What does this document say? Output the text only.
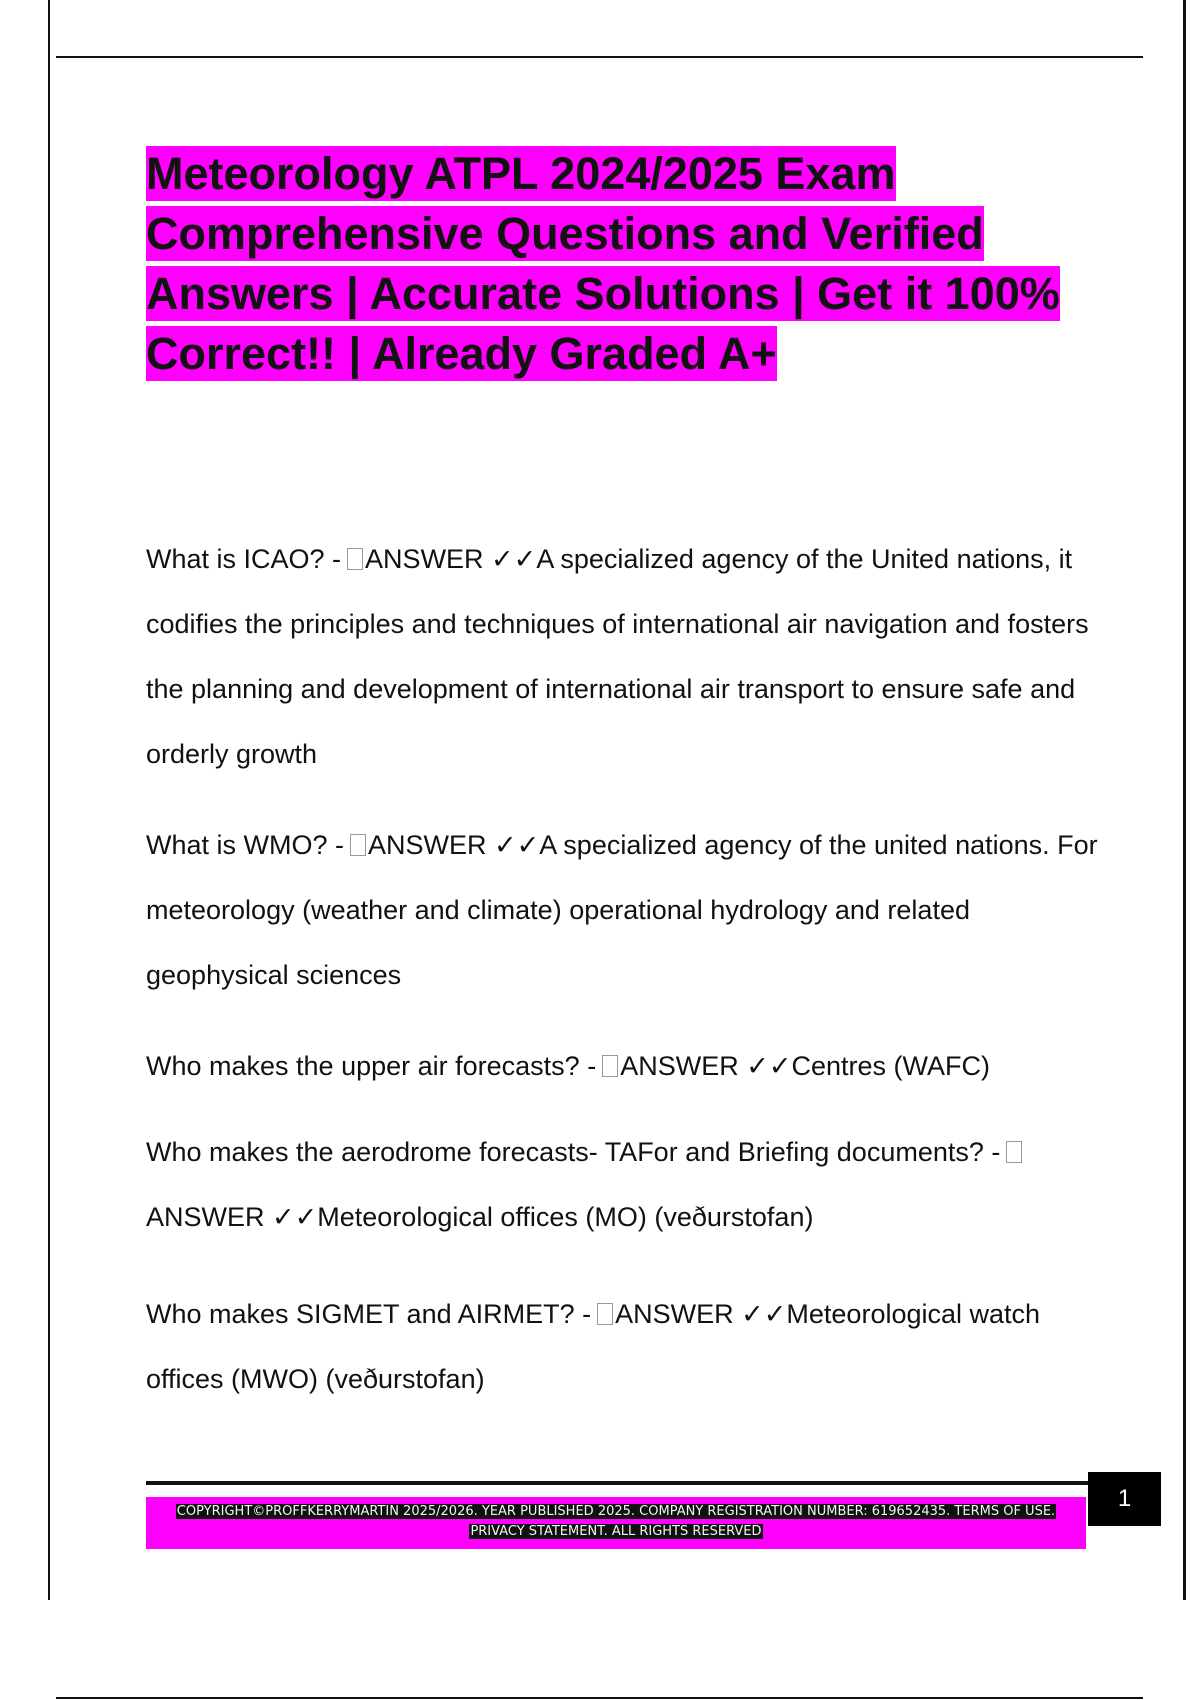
Meteorology ATPL 2024/2025 Exam Comprehensive Questions and Verified Answers | Accurate Solutions | Get it 100% Correct!! | Already Graded A+

What is ICAO? - ANSWER ✓✓A specialized agency of the United nations, it codifies the principles and techniques of international air navigation and fosters the planning and development of international air transport to ensure safe and orderly growth

What is WMO? - ANSWER ✓✓A specialized agency of the united nations. For meteorology (weather and climate) operational hydrology and related geophysical sciences

Who makes the upper air forecasts? - ANSWER ✓✓Centres (WAFC)

Who makes the aerodrome forecasts- TAFor and Briefing documents? -ANSWER ✓✓Meteorological offices (MO) (veðurstofan)

Who makes SIGMET and AIRMET? - ANSWER ✓✓Meteorological watch offices (MWO) (veðurstofan)

COPYRIGHT©PROFFKERRYMARTIN 2025/2026. YEAR PUBLISHED 2025. COMPANY REGISTRATION NUMBER: 619652435. TERMS OF USE.
PRIVACY STATEMENT. ALL RIGHTS RESERVED
1
